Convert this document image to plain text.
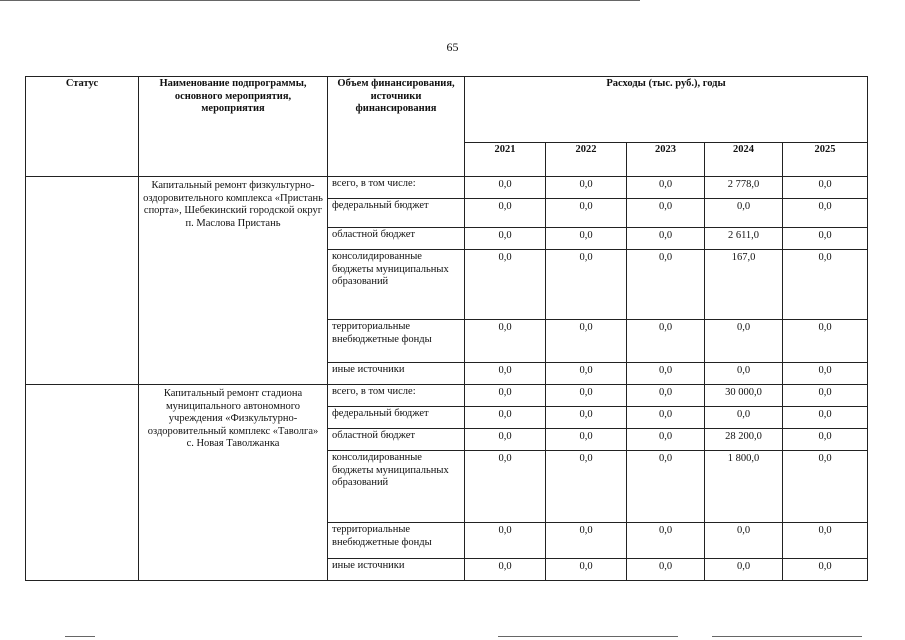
65
Статус	Наименование подпрограммы, основного мероприятия, мероприятия	Объем финансирования, источники финансирования	Расходы (тыс. руб.), годы				
			2021	2022	2023	2024	2025
	Капитальный ремонт физкультурно-оздоровительного комплекса «Пристань спорта», Шебекинский городской округ п. Маслова Пристань	всего, в том числе:	0,0	0,0	0,0	2 778,0	0,0
		федеральный бюджет	0,0	0,0	0,0	0,0	0,0
		областной бюджет	0,0	0,0	0,0	2 611,0	0,0
		консолидированные бюджеты муниципальных образований	0,0	0,0	0,0	167,0	0,0
		территориальные внебюджетные фонды	0,0	0,0	0,0	0,0	0,0
		иные источники	0,0	0,0	0,0	0,0	0,0
	Капитальный ремонт стадиона муниципального автономного учреждения «Физкультурно-оздоровительный комплекс «Таволга» с. Новая Таволжанка	всего, в том числе:	0,0	0,0	0,0	30 000,0	0,0
		федеральный бюджет	0,0	0,0	0,0	0,0	0,0
		областной бюджет	0,0	0,0	0,0	28 200,0	0,0
		консолидированные бюджеты муниципальных образований	0,0	0,0	0,0	1 800,0	0,0
		территориальные внебюджетные фонды	0,0	0,0	0,0	0,0	0,0
		иные источники	0,0	0,0	0,0	0,0	0,0
